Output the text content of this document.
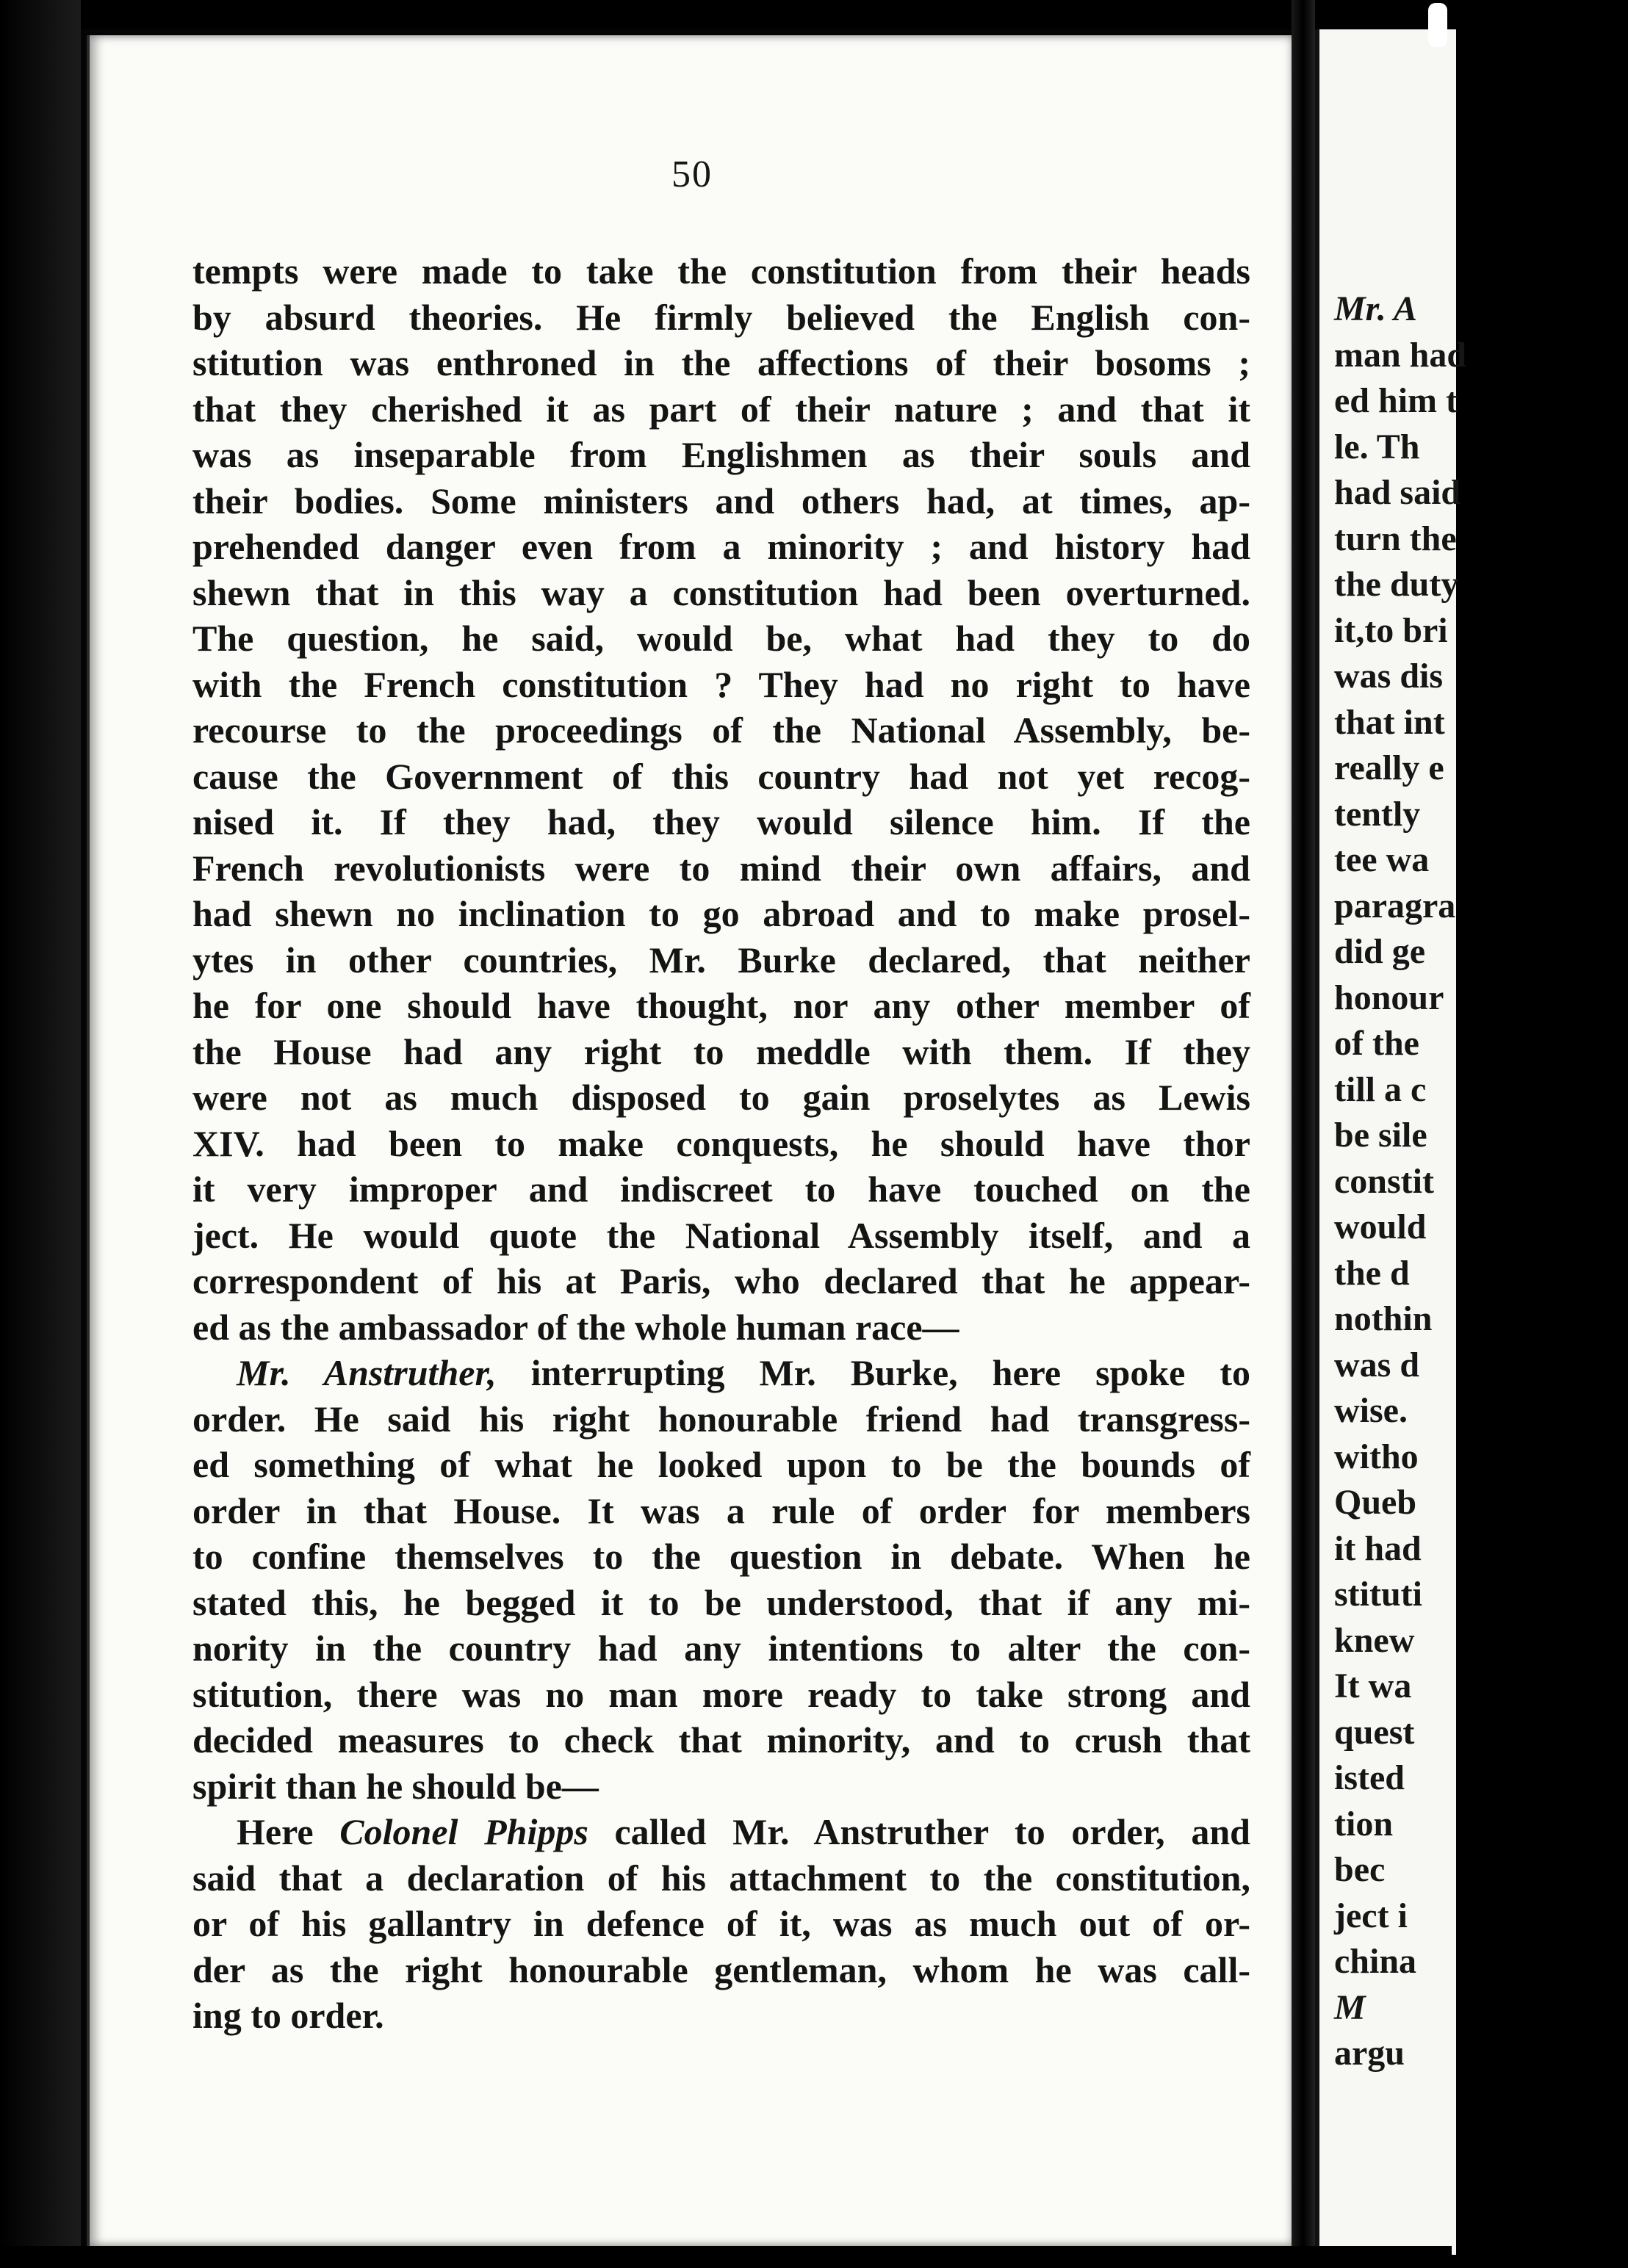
50
tempts were made to take the constitution from their heads
by absurd theories. He firmly believed the English con-
stitution was enthroned in the affections of their bosoms ;
that they cherished it as part of their nature ; and that it
was as inseparable from Englishmen as their souls and
their bodies. Some ministers and others had, at times, ap-
prehended danger even from a minority ; and history had
shewn that in this way a constitution had been overturned.
The question, he said, would be, what had they to do
with the French constitution ? They had no right to have
recourse to the proceedings of the National Assembly, be-
cause the Government of this country had not yet recog-
nised it. If they had, they would silence him. If the
French revolutionists were to mind their own affairs, and
had shewn no inclination to go abroad and to make prosel-
ytes in other countries, Mr. Burke declared, that neither
he for one should have thought, nor any other member of
the House had any right to meddle with them. If they
were not as much disposed to gain proselytes as Lewis
XIV. had been to make conquests, he should have thor
it very improper and indiscreet to have touched on the
ject. He would quote the National Assembly itself, and a
correspondent of his at Paris, who declared that he appear-
ed as the ambassador of the whole human race—
Mr. Anstruther, interrupting Mr. Burke, here spoke to
order. He said his right honourable friend had transgress-
ed something of what he looked upon to be the bounds of
order in that House. It was a rule of order for members
to confine themselves to the question in debate. When he
stated this, he begged it to be understood, that if any mi-
nority in the country had any intentions to alter the con-
stitution, there was no man more ready to take strong and
decided measures to check that minority, and to crush that
spirit than he should be—
Here Colonel Phipps called Mr. Anstruther to order, and
said that a declaration of his attachment to the constitution,
or of his gallantry in defence of it, was as much out of or-
der as the right honourable gentleman, whom he was call-
ing to order.
Mr. A
man had
ed him t
le. Th
had said
turn the
the duty
it,to bri
was dis
that int
really e
tently
tee wa
paragra
did ge
honour
of the
till a c
be sile
constit
would
the d
nothin
was d
wise.
witho
Queb
it had
stituti
knew
It wa
quest
isted
tion
bec
ject i
china
M
argu
